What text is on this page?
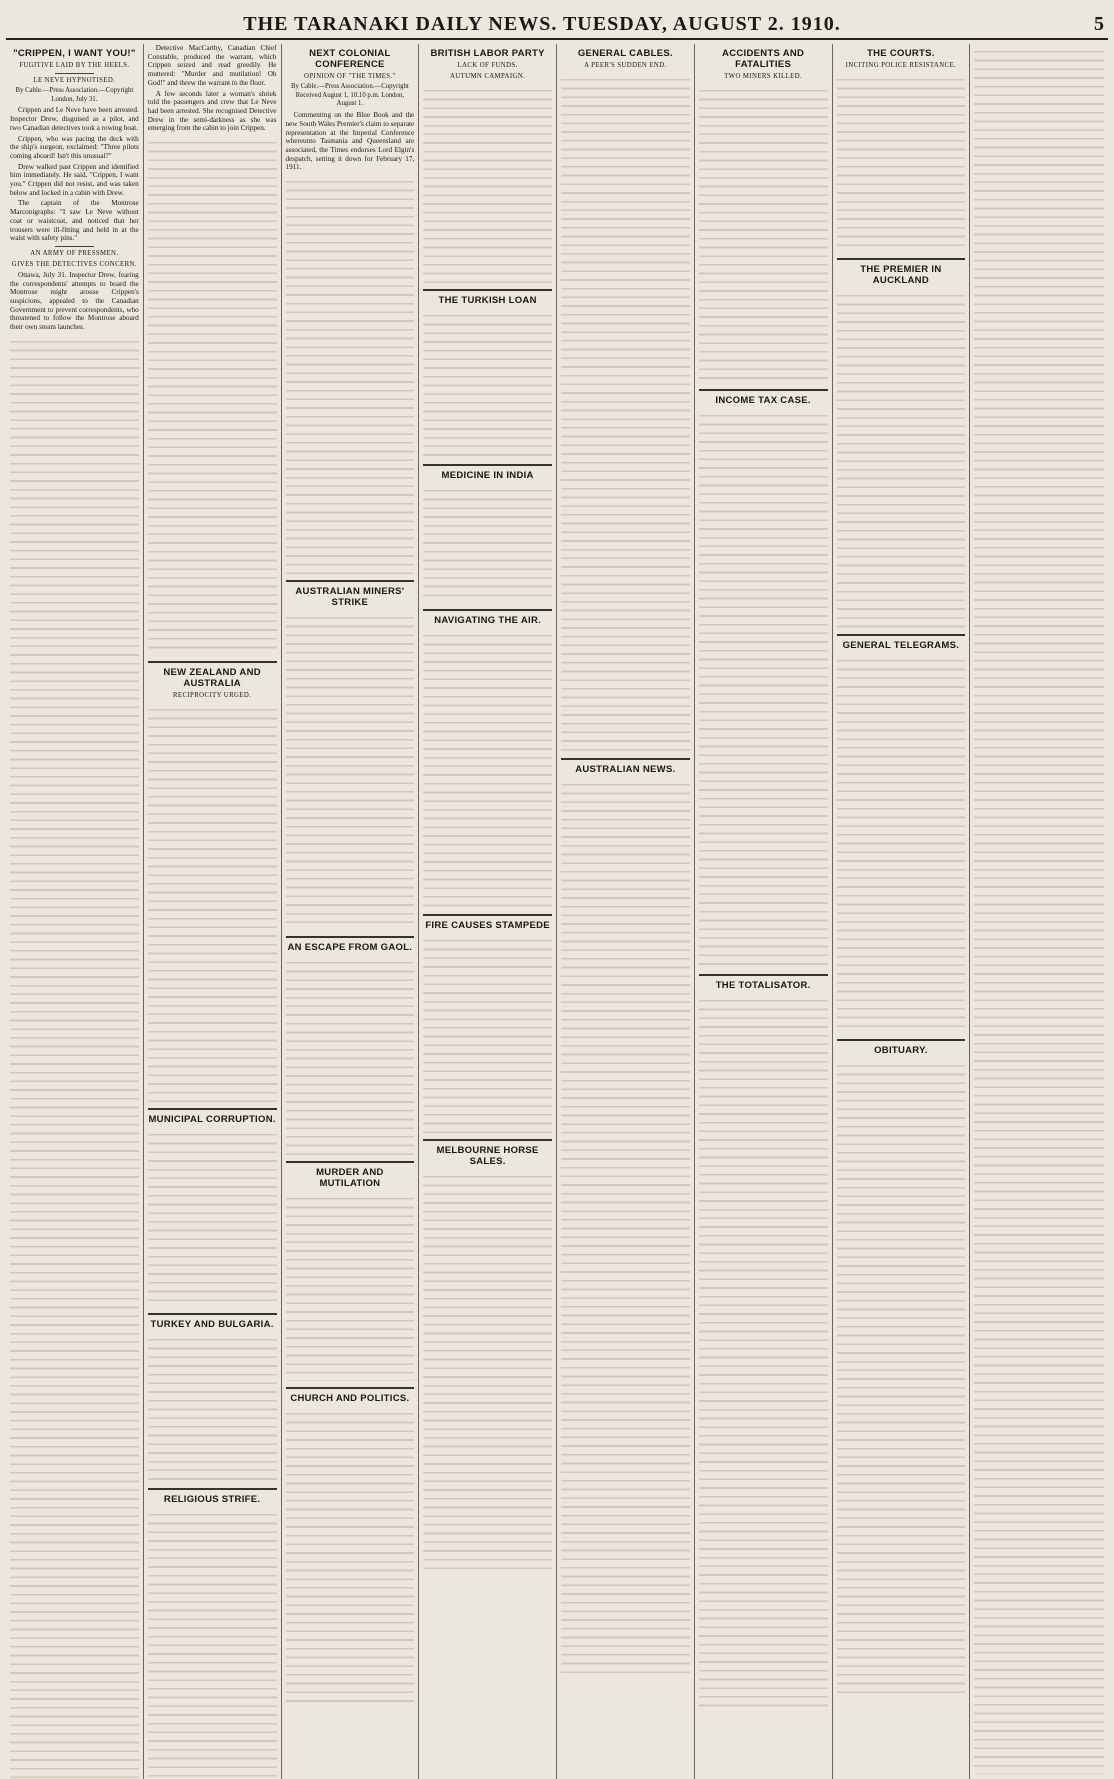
THE TARANAKI DAILY NEWS. TUESDAY, AUGUST 2. 1910.	5
"CRIPPEN, I WANT YOU!"
FUGITIVE LAID BY THE HEELS.
LE NEVE HYPNOTISED.

By Cable.—Press Association.—Copyright London, July 31.

Crippen and Le Neve have been arrested. Inspector Drew, disguised as a pilot, and two Canadian detectives took a rowing boat.

Crippen, who was pacing the deck with the ship's surgeon, exclaimed: "Three pilots coming aboard! Isn't this unusual?"

Drew walked past Crippen and identified him immediately. He said, "Crippen, I want you." Crippen did not resist, and was taken below and locked in a cabin with Drew.

The captain of the Montrose Marconigraphs: "I saw Le Neve without coat or waistcoat, and noticed that her trousers were ill-fitting and held in at the waist with safety pins."

AN ARMY OF PRESSMEN.
GIVES THE DETECTIVES CONCERN.

Ottawa, July 31. Inspector Drew, fearing the correspondents' attempts to board the Montrose might arouse Crippen's suspicions, appealed to the Canadian Government to prevent correspondents, who threatened to follow the Montrose aboard their own steam launches.

Detective MacCarthy, Canadian Chief Constable, produced the warrant, which Crippen seized and read greedily. He muttered: "Murder and mutilation! Oh God!" and threw the warrant to the floor.

A few seconds later a woman's shriek told the passengers and crew that Le Neve had been arrested. She recognised Detective Drew in the semi-darkness as she was emerging from the cabin to join Crippen.

NEW ZEALAND AND AUSTRALIA
RECIPROCITY URGED.
MUNICIPAL CORRUPTION.
TURKEY AND BULGARIA.
RELIGIOUS STRIFE.
NEXT COLONIAL CONFERENCE
OPINION OF "THE TIMES."

By Cable.—Press Association.—Copyright Received August 1, 10.10 p.m. London, August 1.

Commenting on the Blue Book and the new South Wales Premier's claim to separate representation at the Imperial Conference whereunto Tasmania and Queensland are associated, the Times endorses Lord Elgin's despatch, setting it down for February 17, 1911.

AUSTRALIAN MINERS' STRIKE
AN ESCAPE FROM GAOL.
MURDER AND MUTILATION
CHURCH AND POLITICS.
BRITISH LABOR PARTY
LACK OF FUNDS.
AUTUMN CAMPAIGN.
THE TURKISH LOAN
MEDICINE IN INDIA
NAVIGATING THE AIR.
FIRE CAUSES STAMPEDE
MELBOURNE HORSE SALES.
GENERAL CABLES.
A PEER'S SUDDEN END.
AUSTRALIAN NEWS.
ACCIDENTS AND FATALITIES
TWO MINERS KILLED.
INCOME TAX CASE.
THE TOTALISATOR.
THE COURTS.
INCITING POLICE RESISTANCE.
THE PREMIER IN AUCKLAND
GENERAL TELEGRAMS.
OBITUARY.
